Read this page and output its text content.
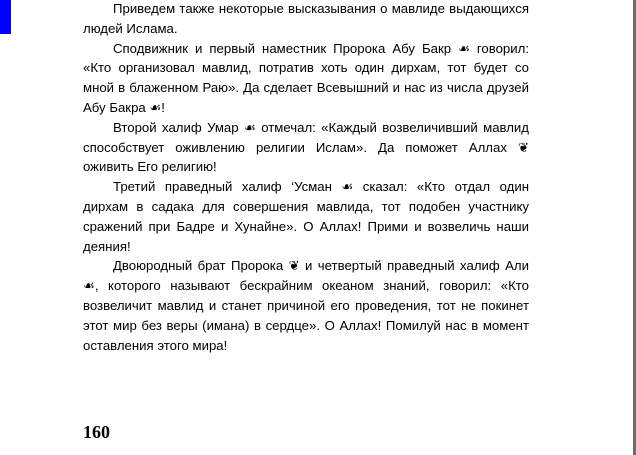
Приведем также некоторые высказывания о мавлиде выдающихся людей Ислама.

Сподвижник и первый наместник Пророка Абу Бакр ☙ говорил: «Кто организовал мавлид, потратив хоть один дирхам, тот будет со мной в блаженном Раю». Да сделает Всевышний и нас из числа друзей Абу Бакра ☙!

Второй халиф Умар ☙ отмечал: «Каждый возвеличивший мавлид способствует оживлению религии Ислам». Да поможет Аллах ❦ оживить Его религию!

Третий праведный халиф ‘Усман ☙ сказал: «Кто отдал один дирхам в садака для совершения мавлида, тот подобен участнику сражений при Бадре и Хунайне». О Аллах! Прими и возвеличь наши деяния!

Двоюродный брат Пророка ❦ и четвертый праведный халиф Али ☙, которого называют бескрайним океаном знаний, говорил: «Кто возвеличит мавлид и станет причиной его проведения, тот не покинет этот мир без веры (имана) в сердце». О Аллах! Помилуй нас в момент оставления этого мира!

160
